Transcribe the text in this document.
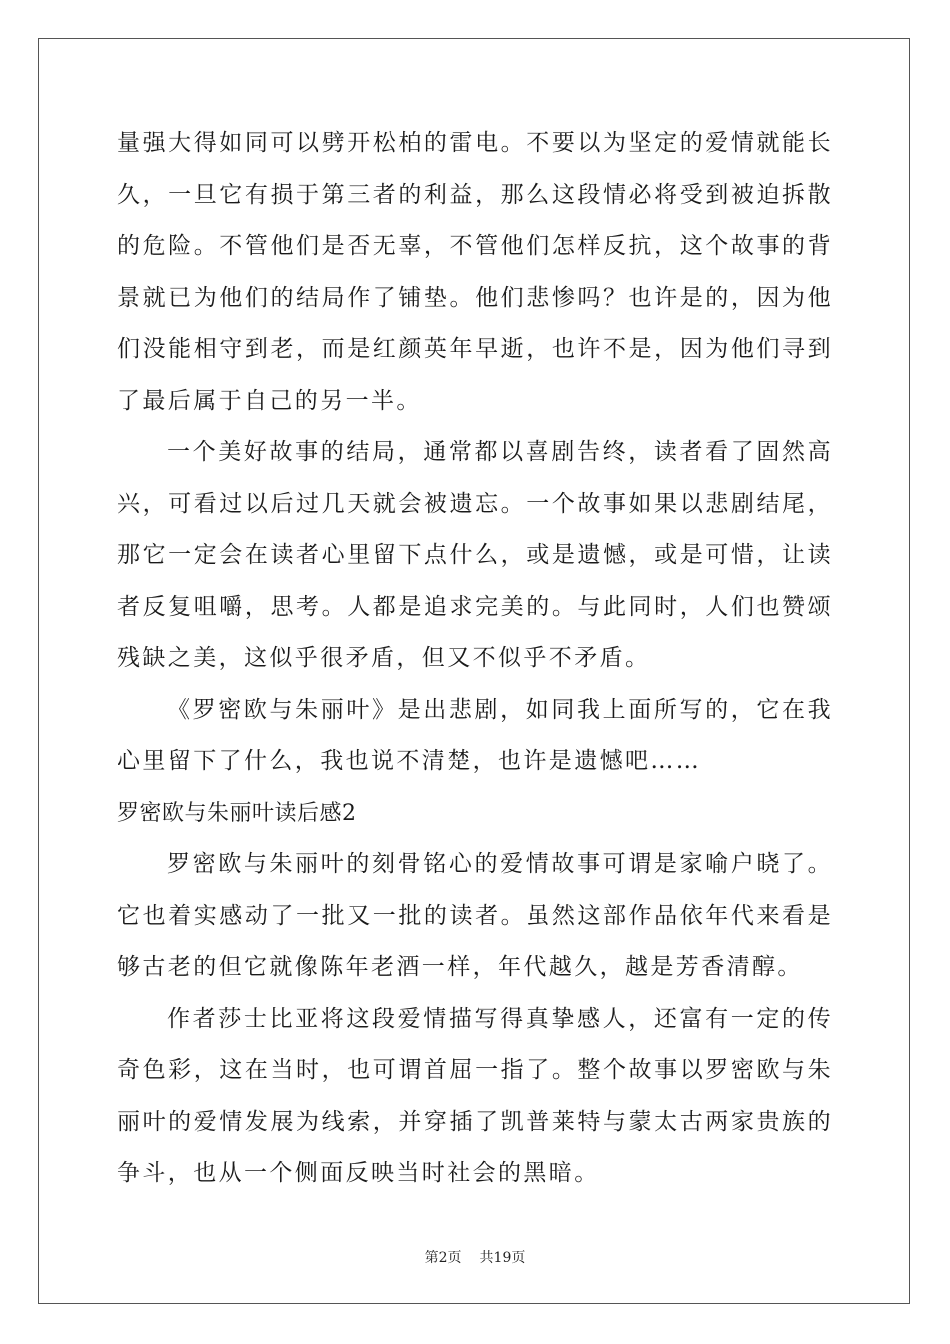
量强大得如同可以劈开松柏的雷电。不要以为坚定的爱情就能长久，一旦它有损于第三者的利益，那么这段情必将受到被迫拆散的危险。不管他们是否无辜，不管他们怎样反抗，这个故事的背景就已为他们的结局作了铺垫。他们悲惨吗？也许是的，因为他们没能相守到老，而是红颜英年早逝，也许不是，因为他们寻到了最后属于自己的另一半。

一个美好故事的结局，通常都以喜剧告终，读者看了固然高兴，可看过以后过几天就会被遗忘。一个故事如果以悲剧结尾，那它一定会在读者心里留下点什么，或是遗憾，或是可惜，让读者反复咀嚼，思考。人都是追求完美的。与此同时，人们也赞颂残缺之美，这似乎很矛盾，但又不似乎不矛盾。

《罗密欧与朱丽叶》是出悲剧，如同我上面所写的，它在我心里留下了什么，我也说不清楚，也许是遗憾吧……

罗密欧与朱丽叶读后感2

罗密欧与朱丽叶的刻骨铭心的爱情故事可谓是家喻户晓了。它也着实感动了一批又一批的读者。虽然这部作品依年代来看是够古老的但它就像陈年老酒一样，年代越久，越是芳香清醇。

作者莎士比亚将这段爱情描写得真挚感人，还富有一定的传奇色彩，这在当时，也可谓首屈一指了。整个故事以罗密欧与朱丽叶的爱情发展为线索，并穿插了凯普莱特与蒙太古两家贵族的争斗，也从一个侧面反映当时社会的黑暗。

第2页 共19页
